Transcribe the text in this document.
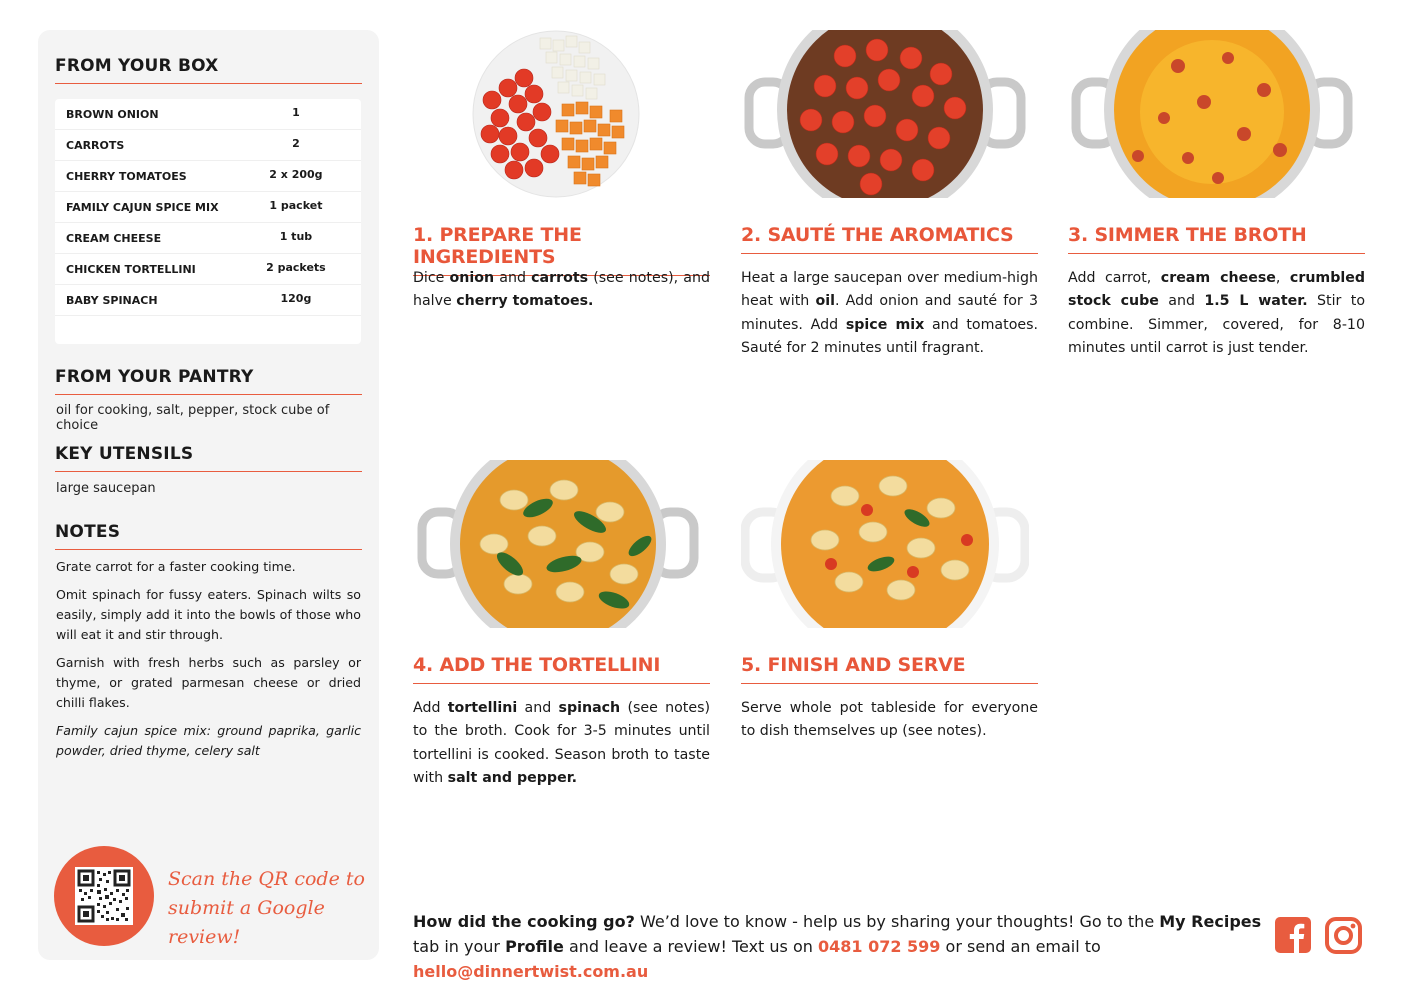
FROM YOUR BOX
BROWN ONION	1
CARROTS	2
CHERRY TOMATOES	2 x 200g
FAMILY CAJUN SPICE MIX	1 packet
CREAM CHEESE	1 tub
CHICKEN TORTELLINI	2 packets
BABY SPINACH	120g
FROM YOUR PANTRY
oil for cooking, salt, pepper, stock cube of choice
KEY UTENSILS
large saucepan
NOTES

Grate carrot for a faster cooking time.

Omit spinach for fussy eaters. Spinach wilts so easily, simply add it into the bowls of those who will eat it and stir through.

Garnish with fresh herbs such as parsley or thyme, or grated parmesan cheese or dried chilli flakes.

Family cajun spice mix: ground paprika, garlic powder, dried thyme, celery salt

Scan the QR code to
submit a Google review!
1. PREPARE THE INGREDIENTS
Dice onion and carrots (see notes), and halve cherry tomatoes.
2. SAUTÉ THE AROMATICS
Heat a large saucepan over medium-high heat with oil. Add onion and sauté for 3 minutes. Add spice mix and tomatoes. Sauté for 2 minutes until fragrant.
3. SIMMER THE BROTH
Add carrot, cream cheese, crumbled stock cube and 1.5 L water. Stir to combine. Simmer, covered, for 8-10 minutes until carrot is just tender.
4. ADD THE TORTELLINI
Add tortellini and spinach (see notes) to the broth. Cook for 3-5 minutes until tortellini is cooked. Season broth to taste with salt and pepper.
5. FINISH AND SERVE
Serve whole pot tableside for everyone to dish themselves up (see notes).
How did the cooking go? We’d love to know - help us by sharing your thoughts! Go to the My Recipes tab in your Profile and leave a review! Text us on 0481 072 599 or send an email to hello@dinnertwist.com.au
